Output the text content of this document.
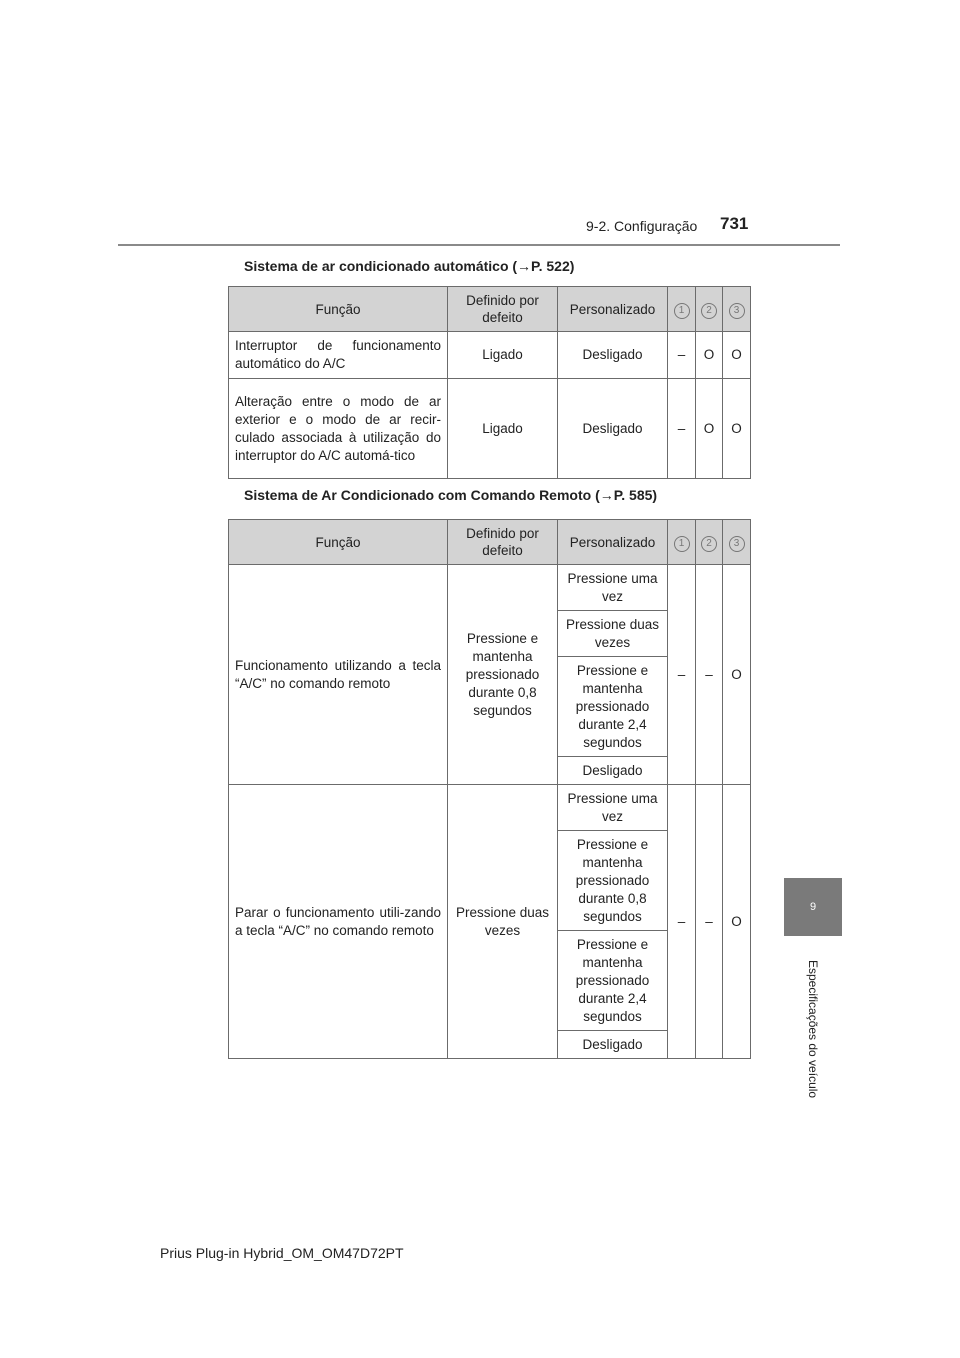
9-2. Configuração 731
9
Especificações do veículo
Sistema de ar condicionado automático (→P. 522)
Função	Definido por defeito	Personalizado	1	2	3
Interruptor de funcionamento automático do A/C	Ligado	Desligado	–	O	O
Alteração entre o modo de ar exterior e o modo de ar recir-culado associada à utilização do interruptor do A/C automá-tico	Ligado	Desligado	–	O	O
Sistema de Ar Condicionado com Comando Remoto (→P. 585)
Função	Definido por defeito	Personalizado	1	2	3
Funcionamento utilizando a tecla “A/C” no comando remoto	Pressione e mantenha pressionado durante 0,8 segundos	Pressione uma vez	–	–	O
		Pressione duas vezes			
		Pressione e mantenha pressionado durante 2,4 segundos			
		Desligado			
Parar o funcionamento utili-zando a tecla “A/C” no comando remoto	Pressione duas vezes	Pressione uma vez	–	–	O
		Pressione e mantenha pressionado durante 0,8 segundos			
		Pressione e mantenha pressionado durante 2,4 segundos			
		Desligado			
Prius Plug-in Hybrid_OM_OM47D72PT
